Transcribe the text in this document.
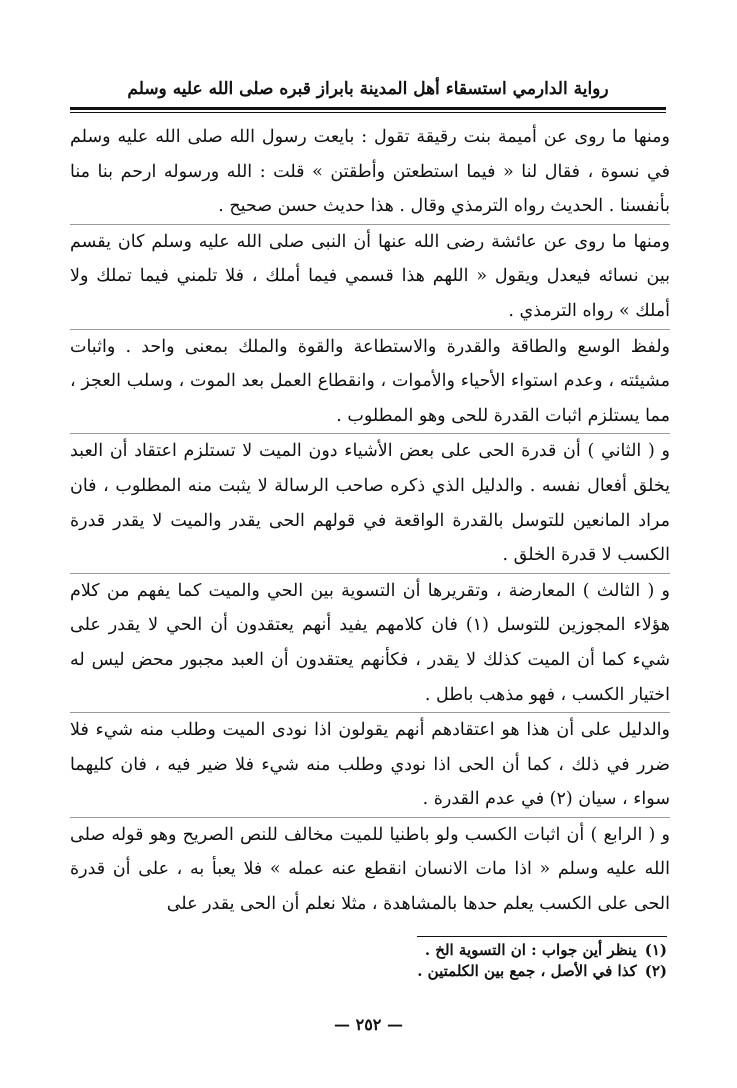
رواية الدارمي استسقاء أهل المدينة بابراز قبره صلى الله عليه وسلم

ومنها ما روى عن أميمة بنت رقيقة تقول : بايعت رسول الله صلى الله عليه وسلم في نسوة ، فقال لنا « فيما استطعتن وأطقتن » قلت : الله ورسوله ارحم بنا منا بأنفسنا . الحديث رواه الترمذي وقال . هذا حديث حسن صحيح .

ومنها ما روى عن عائشة رضى الله عنها أن النبى صلى الله عليه وسلم كان يقسم بين نسائه فيعدل ويقول « اللهم هذا قسمي فيما أملك ، فلا تلمني فيما تملك ولا أملك » رواه الترمذي .

ولفظ الوسع والطاقة والقدرة والاستطاعة والقوة والملك بمعنى واحد . واثبات مشيئته ، وعدم استواء الأحياء والأموات ، وانقطاع العمل بعد الموت ، وسلب العجز ، مما يستلزم اثبات القدرة للحى وهو المطلوب .

و ( الثاني ) أن قدرة الحى على بعض الأشياء دون الميت لا تستلزم اعتقاد أن العبد يخلق أفعال نفسه . والدليل الذي ذكره صاحب الرسالة لا يثبت منه المطلوب ، فان مراد المانعين للتوسل بالقدرة الواقعة في قولهم الحى يقدر والميت لا يقدر قدرة الكسب لا قدرة الخلق .

و ( الثالث ) المعارضة ، وتقريرها أن التسوية بين الحي والميت كما يفهم من كلام هؤلاء المجوزين للتوسل (١) فان كلامهم يفيد أنهم يعتقدون أن الحي لا يقدر على شيء كما أن الميت كذلك لا يقدر ، فكأنهم يعتقدون أن العبد مجبور محض ليس له اختيار الكسب ، فهو مذهب باطل .

والدليل على أن هذا هو اعتقادهم أنهم يقولون اذا نودى الميت وطلب منه شيء فلا ضرر في ذلك ، كما أن الحى اذا نودي وطلب منه شيء فلا ضير فيه ، فان كليهما سواء ، سيان (٢) في عدم القدرة .

و ( الرابع ) أن اثبات الكسب ولو باطنيا للميت مخالف للنص الصريح وهو قوله صلى الله عليه وسلم « اذا مات الانسان انقطع عنه عمله » فلا يعبأ به ، على أن قدرة الحى على الكسب يعلم حدها بالمشاهدة ، مثلا نعلم أن الحى يقدر على

(١)ينظر أين جواب : ان التسوية الخ .

(٢)كذا في الأصل ، جمع بين الكلمتين .

— ٢٥٢ —
